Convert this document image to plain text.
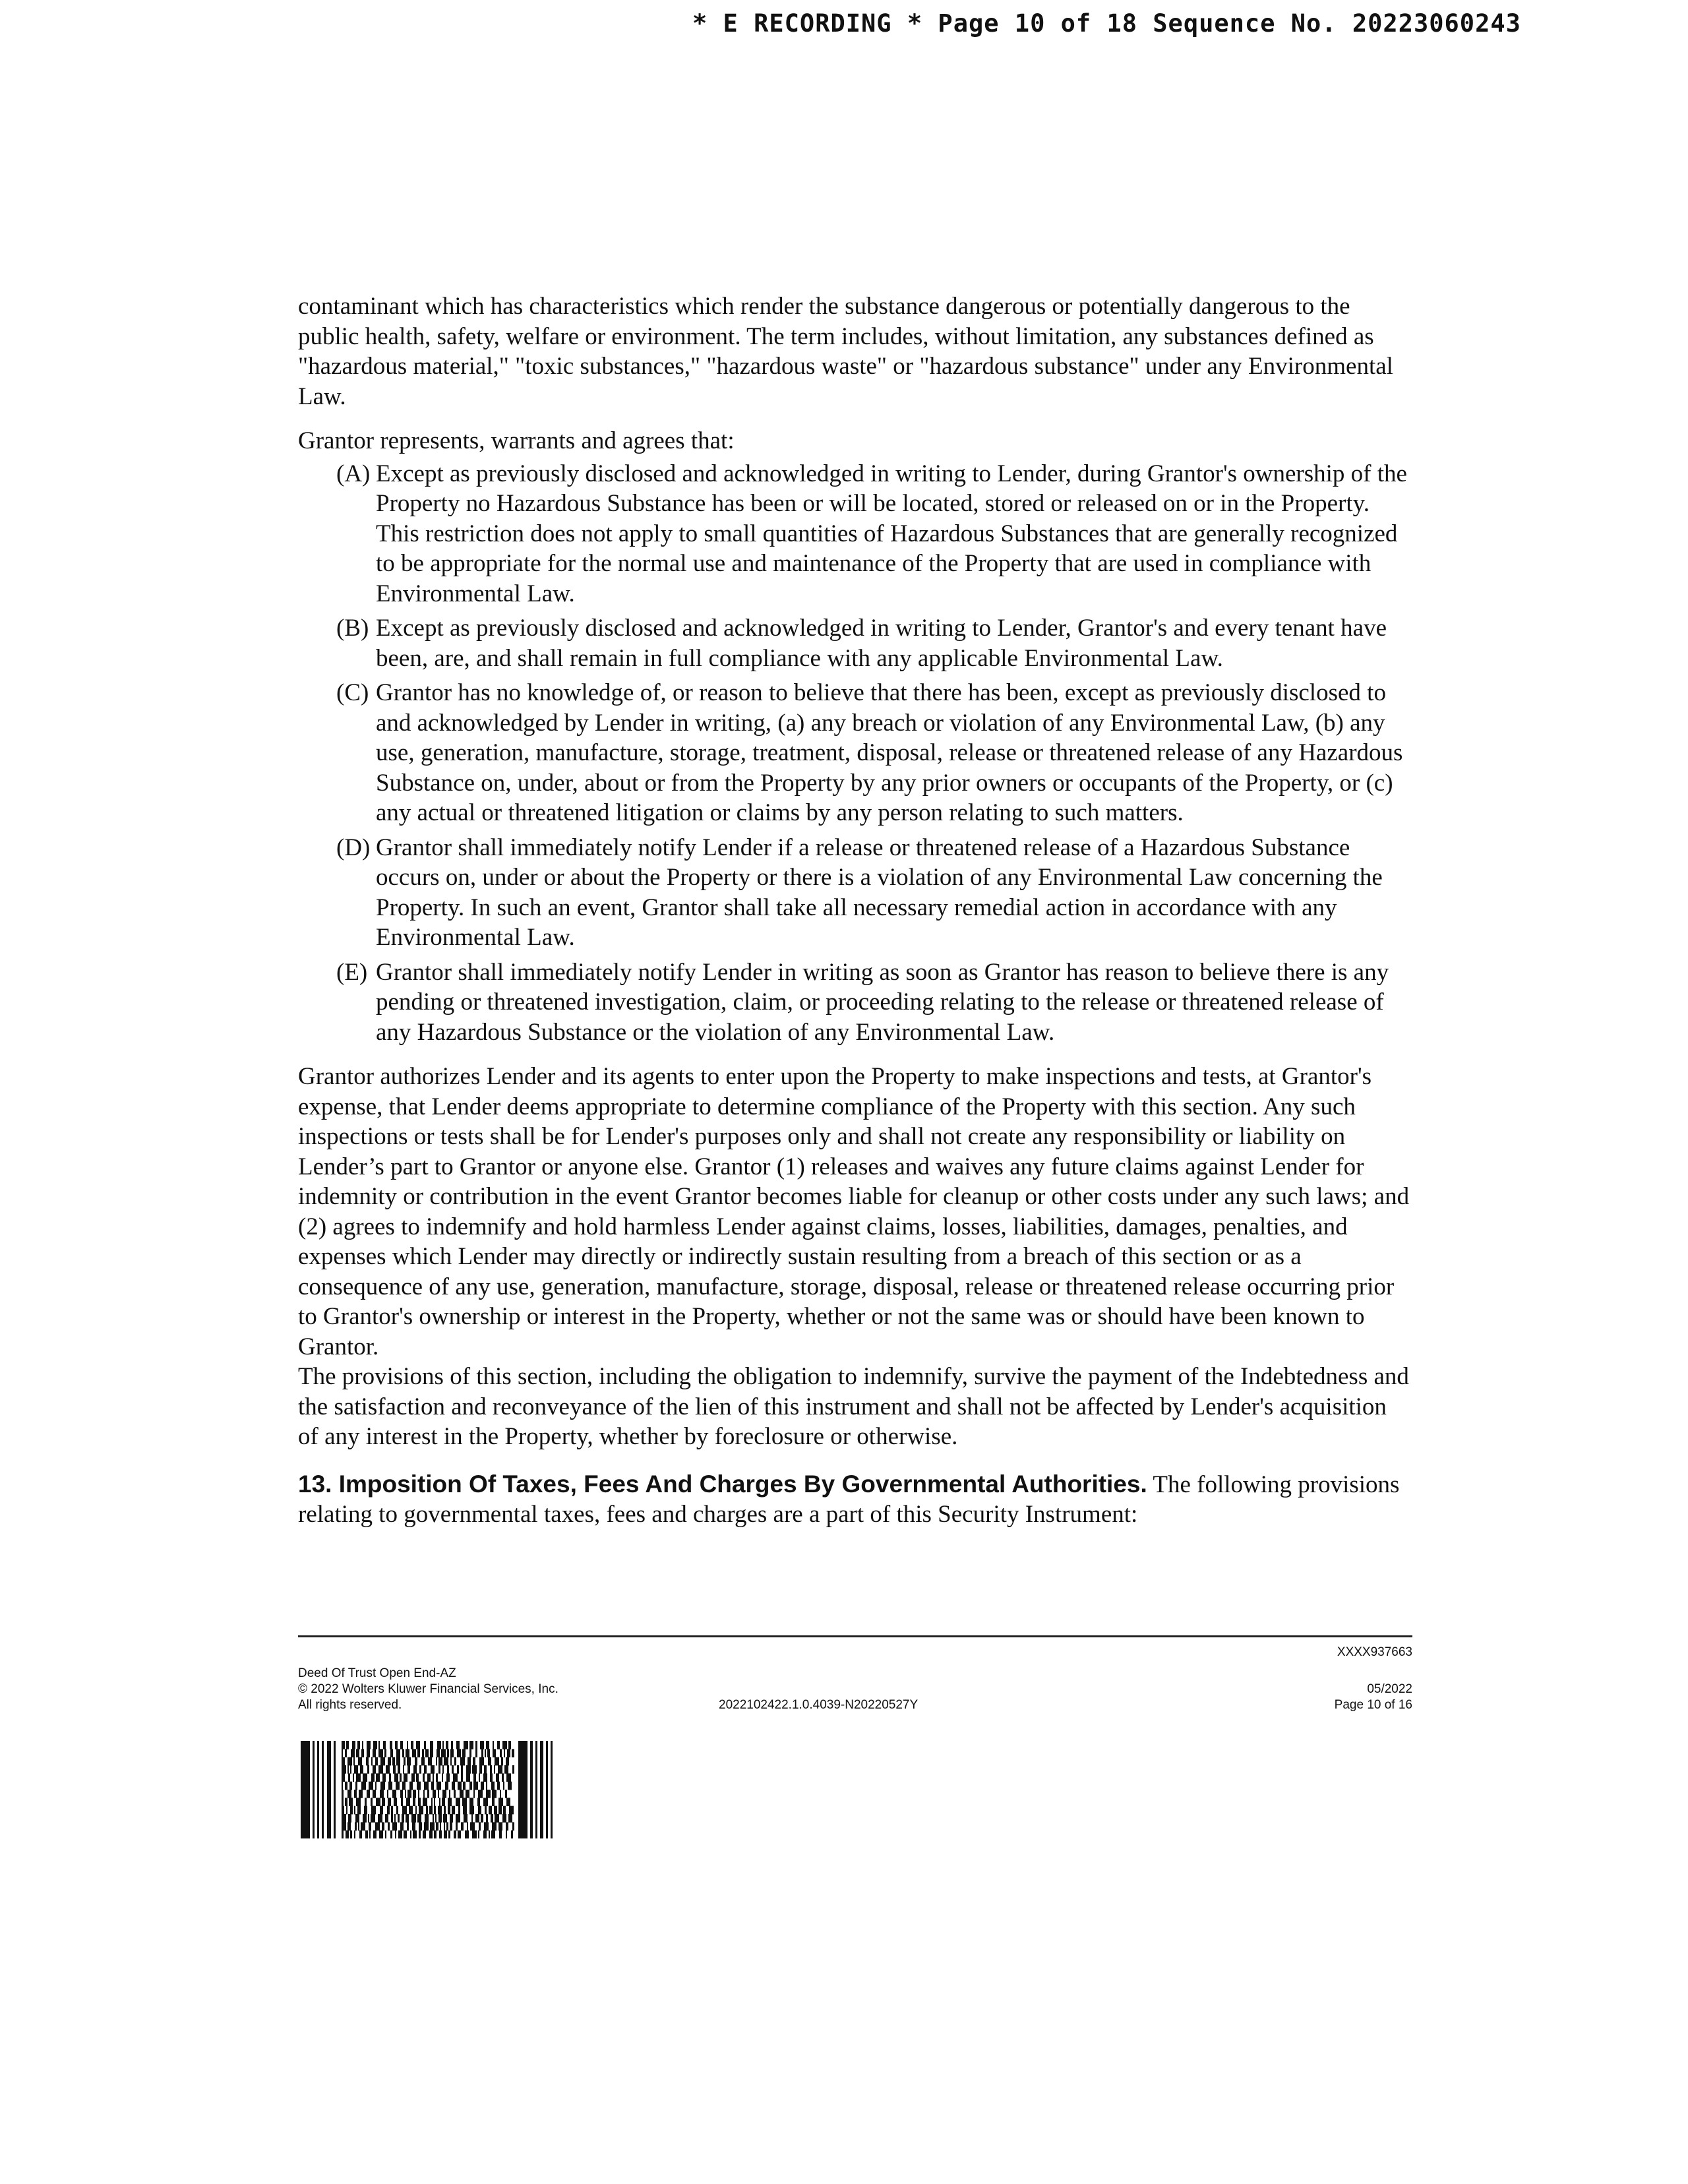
* E RECORDING * Page 10 of 18 Sequence No. 20223060243

contaminant which has characteristics which render the substance dangerous or potentially dangerous to the public health, safety, welfare or environment. The term includes, without limitation, any substances defined as "hazardous material," "toxic substances," "hazardous waste" or "hazardous substance" under any Environmental Law.

Grantor represents, warrants and agrees that:

(A) Except as previously disclosed and acknowledged in writing to Lender, during Grantor's ownership of the Property no Hazardous Substance has been or will be located, stored or released on or in the Property. This restriction does not apply to small quantities of Hazardous Substances that are generally recognized to be appropriate for the normal use and maintenance of the Property that are used in compliance with Environmental Law.
(B) Except as previously disclosed and acknowledged in writing to Lender, Grantor's and every tenant have been, are, and shall remain in full compliance with any applicable Environmental Law.
(C) Grantor has no knowledge of, or reason to believe that there has been, except as previously disclosed to and acknowledged by Lender in writing, (a) any breach or violation of any Environmental Law, (b) any use, generation, manufacture, storage, treatment, disposal, release or threatened release of any Hazardous Substance on, under, about or from the Property by any prior owners or occupants of the Property, or (c) any actual or threatened litigation or claims by any person relating to such matters.
(D) Grantor shall immediately notify Lender if a release or threatened release of a Hazardous Substance occurs on, under or about the Property or there is a violation of any Environmental Law concerning the Property. In such an event, Grantor shall take all necessary remedial action in accordance with any Environmental Law.
(E) Grantor shall immediately notify Lender in writing as soon as Grantor has reason to believe there is any pending or threatened investigation, claim, or proceeding relating to the release or threatened release of any Hazardous Substance or the violation of any Environmental Law.

Grantor authorizes Lender and its agents to enter upon the Property to make inspections and tests, at Grantor's expense, that Lender deems appropriate to determine compliance of the Property with this section. Any such inspections or tests shall be for Lender's purposes only and shall not create any responsibility or liability on Lender’s part to Grantor or anyone else. Grantor (1) releases and waives any future claims against Lender for indemnity or contribution in the event Grantor becomes liable for cleanup or other costs under any such laws; and (2) agrees to indemnify and hold harmless Lender against claims, losses, liabilities, damages, penalties, and expenses which Lender may directly or indirectly sustain resulting from a breach of this section or as a consequence of any use, generation, manufacture, storage, disposal, release or threatened release occurring prior to Grantor's ownership or interest in the Property, whether or not the same was or should have been known to Grantor.

The provisions of this section, including the obligation to indemnify, survive the payment of the Indebtedness and the satisfaction and reconveyance of the lien of this instrument and shall not be affected by Lender's acquisition of any interest in the Property, whether by foreclosure or otherwise.

13. Imposition Of Taxes, Fees And Charges By Governmental Authorities. The following provisions relating to governmental taxes, fees and charges are a part of this Security Instrument:

Deed Of Trust Open End-AZ
© 2022 Wolters Kluwer Financial Services, Inc.
All rights reserved.	2022102422.1.0.4039-N20220527Y
XXXX937663
05/2022
Page 10 of 16
